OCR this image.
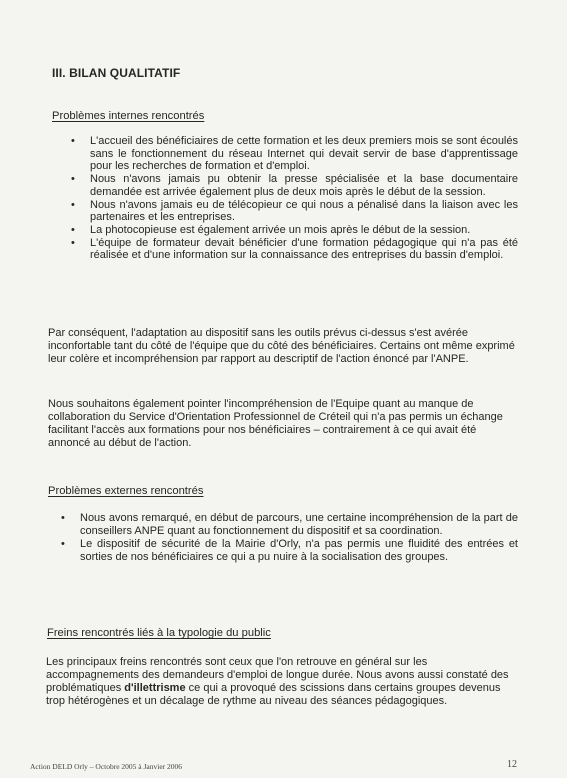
III. BILAN QUALITATIF
Problèmes internes rencontrés
• L'accueil des bénéficiaires de cette formation et les deux premiers mois se sont écoulés sans le fonctionnement du réseau Internet qui devait servir de base d'apprentissage pour les recherches de formation et d'emploi.
• Nous n'avons jamais pu obtenir la presse spécialisée et la base documentaire demandée est arrivée également plus de deux mois après le début de la session.
• Nous n'avons jamais eu de télécopieur ce qui nous a pénalisé dans la liaison avec les partenaires et les entreprises.
• La photocopieuse est également arrivée un mois après le début de la session.
• L'équipe de formateur devait bénéficier d'une formation pédagogique qui n'a pas été réalisée et d'une information sur la connaissance des entreprises du bassin d'emploi.

Par conséquent, l'adaptation au dispositif sans les outils prévus ci-dessus s'est avérée inconfortable tant du côté de l'équipe que du côté des bénéficiaires. Certains ont même exprimé leur colère et incompréhension par rapport au descriptif de l'action énoncé par l'ANPE.

Nous souhaitons également pointer l'incompréhension de l'Equipe quant au manque de collaboration du Service d'Orientation Professionnel de Créteil qui n'a pas permis un échange facilitant l'accès aux formations pour nos bénéficiaires – contrairement à ce qui avait été annoncé au début de l'action.

Problèmes externes rencontrés
• Nous avons remarqué, en début de parcours, une certaine incompréhension de la part de conseillers ANPE quant au fonctionnement du dispositif et sa coordination.
• Le dispositif de sécurité de la Mairie d'Orly, n'a pas permis une fluidité des entrées et sorties de nos bénéficiaires ce qui a pu nuire à la socialisation des groupes.
Freins rencontrés liés à la typologie du public

Les principaux freins rencontrés sont ceux que l'on retrouve en général sur les accompagnements des demandeurs d'emploi de longue durée. Nous avons aussi constaté des problématiques d'illettrisme ce qui a provoqué des scissions dans certains groupes devenus trop hétérogènes et un décalage de rythme au niveau des séances pédagogiques.

Action DELD Orly – Octobre 2005 à Janvier 2006	12
